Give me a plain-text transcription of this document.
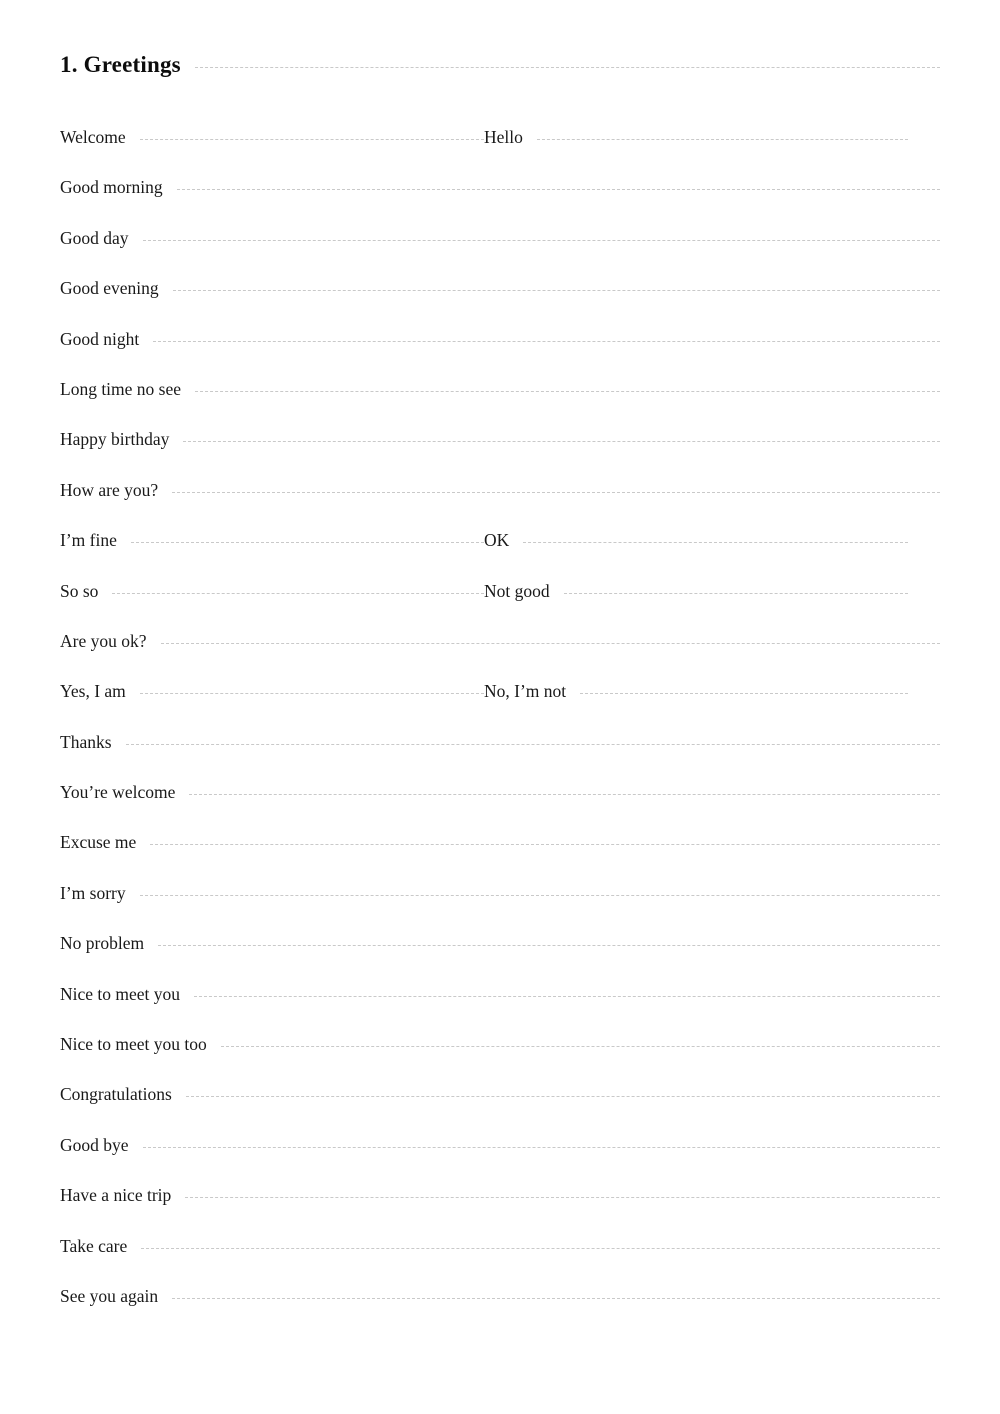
1. Greetings
Welcome	Hello
Good morning
Good day
Good evening
Good night
Long time no see
Happy birthday
How are you?
I’m fine	OK
So so	Not good
Are you ok?
Yes, I am	No, I’m not
Thanks
You’re welcome
Excuse me
I’m sorry
No problem
Nice to meet you
Nice to meet you too
Congratulations
Good bye
Have a nice trip
Take care
See you again
